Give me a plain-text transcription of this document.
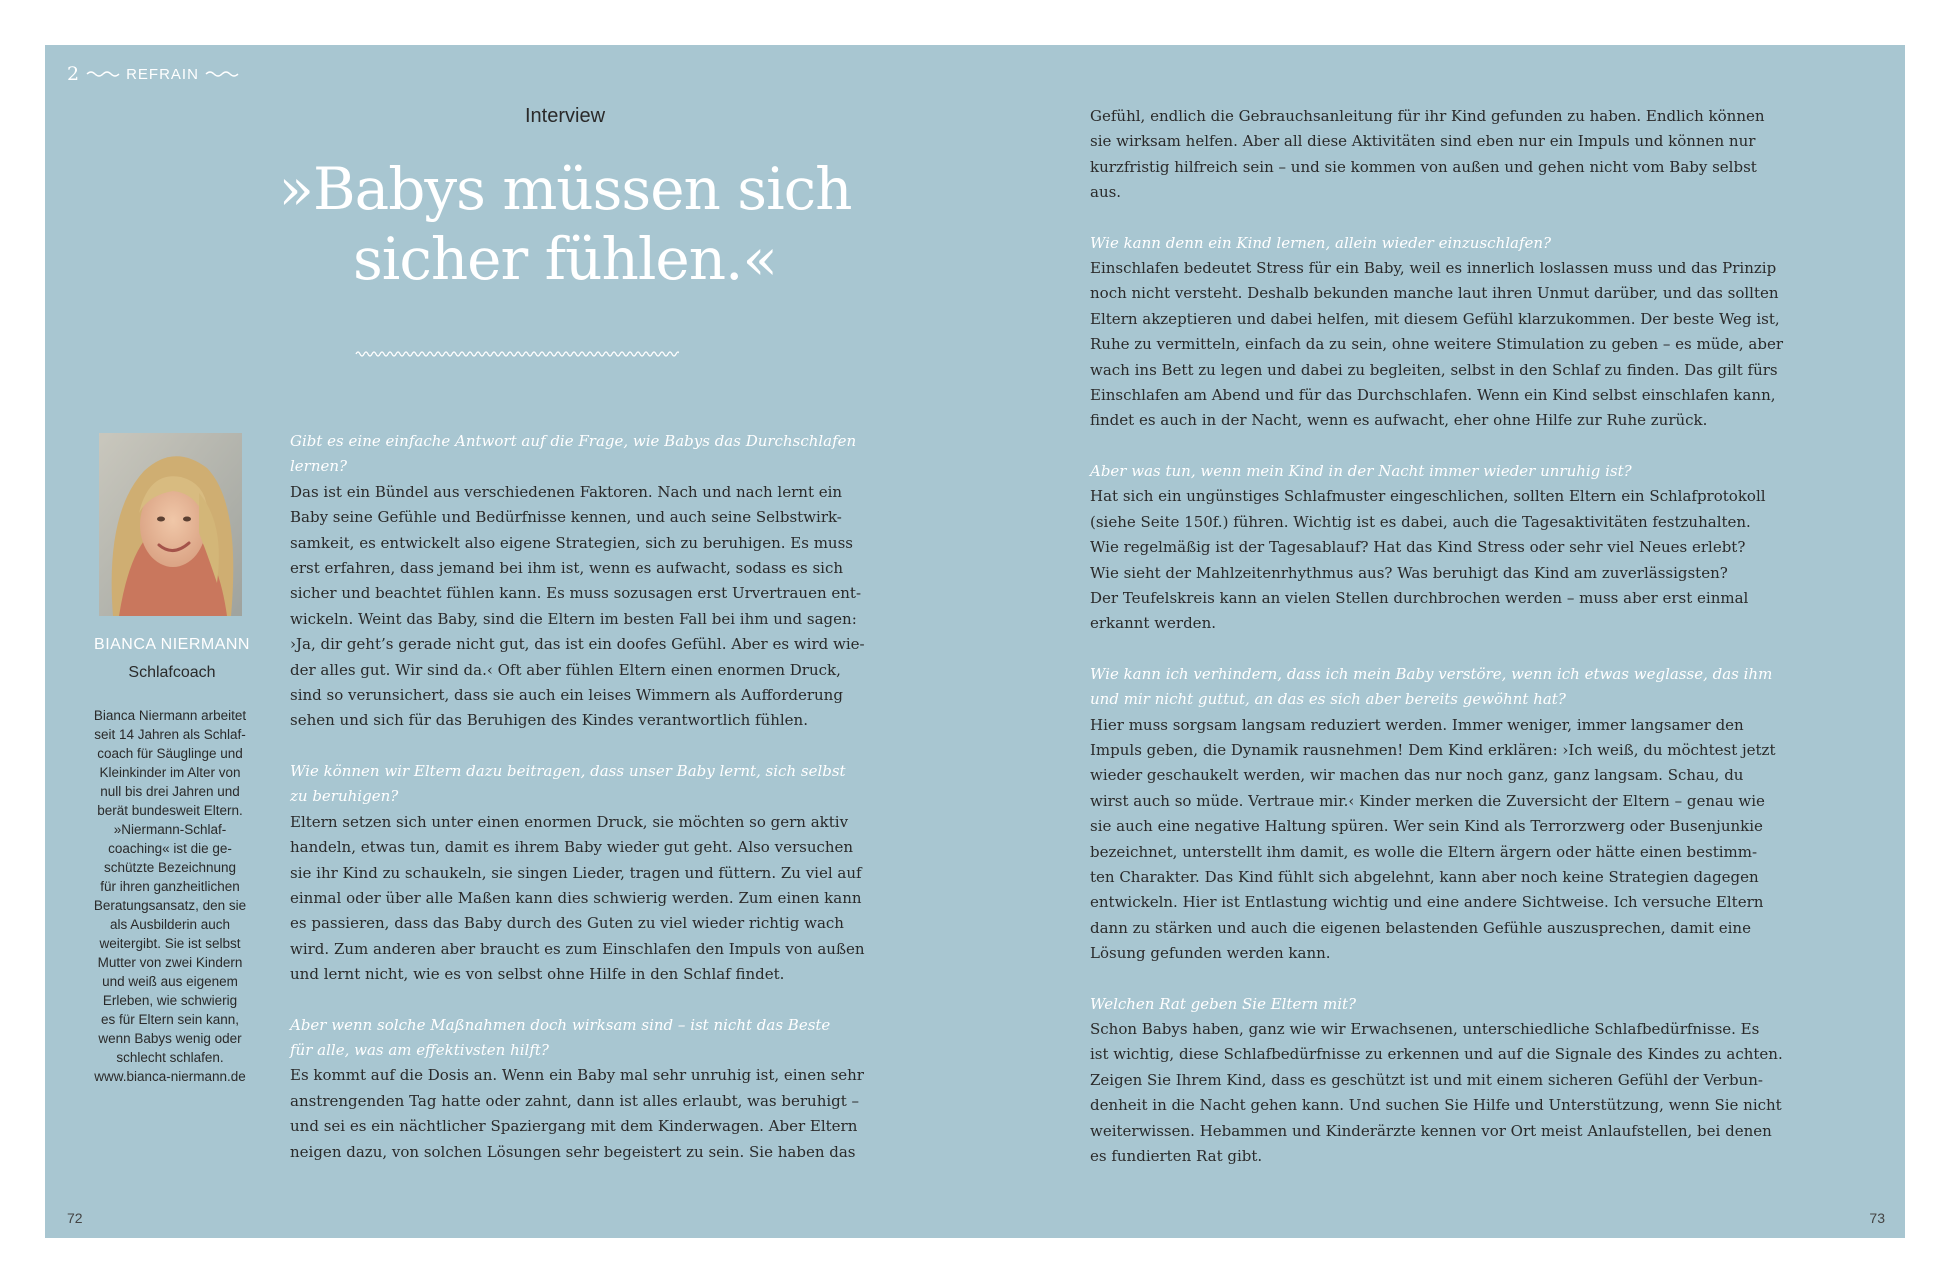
2	REFRAIN
Interview
»Babys müssen sich
sicher fühlen.«
BIANCA NIERMANN
Schlafcoach
Bianca Niermann arbeitet
seit 14 Jahren als Schlaf-
coach für Säuglinge und
Kleinkinder im Alter von
null bis drei Jahren und
berät bundesweit Eltern.
»Niermann-Schlaf-
coaching« ist die ge-
schützte Bezeichnung
für ihren ganzheitlichen
Beratungsansatz, den sie
als Ausbilderin auch
weitergibt. Sie ist selbst
Mutter von zwei Kindern
und weiß aus eigenem
Erleben, wie schwierig
es für Eltern sein kann,
wenn Babys wenig oder
schlecht schlafen.
www.bianca-niermann.de

Gibt es eine einfache Antwort auf die Frage, wie Babys das Durchschlafen

lernen?

Das ist ein Bündel aus verschiedenen Faktoren. Nach und nach lernt ein

Baby seine Gefühle und Bedürfnisse kennen, und auch seine Selbstwirk-

samkeit, es entwickelt also eigene Strategien, sich zu beruhigen. Es muss

erst erfahren, dass jemand bei ihm ist, wenn es aufwacht, sodass es sich

sicher und beachtet fühlen kann. Es muss sozusagen erst Urvertrauen ent-

wickeln. Weint das Baby, sind die Eltern im besten Fall bei ihm und sagen:

›Ja, dir geht’s gerade nicht gut, das ist ein doofes Gefühl. Aber es wird wie-

der alles gut. Wir sind da.‹ Oft aber fühlen Eltern einen enormen Druck,

sind so verunsichert, dass sie auch ein leises Wimmern als Aufforderung

sehen und sich für das Beruhigen des Kindes verantwortlich fühlen.

Wie können wir Eltern dazu beitragen, dass unser Baby lernt, sich selbst

zu beruhigen?

Eltern setzen sich unter einen enormen Druck, sie möchten so gern aktiv

handeln, etwas tun, damit es ihrem Baby wieder gut geht. Also versuchen

sie ihr Kind zu schaukeln, sie singen Lieder, tragen und füttern. Zu viel auf

einmal oder über alle Maßen kann dies schwierig werden. Zum einen kann

es passieren, dass das Baby durch des Guten zu viel wieder richtig wach

wird. Zum anderen aber braucht es zum Einschlafen den Impuls von außen

und lernt nicht, wie es von selbst ohne Hilfe in den Schlaf findet.

Aber wenn solche Maßnahmen doch wirksam sind – ist nicht das Beste

für alle, was am effektivsten hilft?

Es kommt auf die Dosis an. Wenn ein Baby mal sehr unruhig ist, einen sehr

anstrengenden Tag hatte oder zahnt, dann ist alles erlaubt, was beruhigt –

und sei es ein nächtlicher Spaziergang mit dem Kinderwagen. Aber Eltern

neigen dazu, von solchen Lösungen sehr begeistert zu sein. Sie haben das

Gefühl, endlich die Gebrauchsanleitung für ihr Kind gefunden zu haben. Endlich können

sie wirksam helfen. Aber all diese Aktivitäten sind eben nur ein Impuls und können nur

kurzfristig hilfreich sein – und sie kommen von außen und gehen nicht vom Baby selbst

aus.

Wie kann denn ein Kind lernen, allein wieder einzuschlafen?

Einschlafen bedeutet Stress für ein Baby, weil es innerlich loslassen muss und das Prinzip

noch nicht versteht. Deshalb bekunden manche laut ihren Unmut darüber, und das sollten

Eltern akzeptieren und dabei helfen, mit diesem Gefühl klarzukommen. Der beste Weg ist,

Ruhe zu vermitteln, einfach da zu sein, ohne weitere Stimulation zu geben – es müde, aber

wach ins Bett zu legen und dabei zu begleiten, selbst in den Schlaf zu finden. Das gilt fürs

Einschlafen am Abend und für das Durchschlafen. Wenn ein Kind selbst einschlafen kann,

findet es auch in der Nacht, wenn es aufwacht, eher ohne Hilfe zur Ruhe zurück.

Aber was tun, wenn mein Kind in der Nacht immer wieder unruhig ist?

Hat sich ein ungünstiges Schlafmuster eingeschlichen, sollten Eltern ein Schlafprotokoll

(siehe Seite 150f.) führen. Wichtig ist es dabei, auch die Tagesaktivitäten festzuhalten.

Wie regelmäßig ist der Tagesablauf? Hat das Kind Stress oder sehr viel Neues erlebt?

Wie sieht der Mahlzeitenrhythmus aus? Was beruhigt das Kind am zuverlässigsten?

Der Teufelskreis kann an vielen Stellen durchbrochen werden – muss aber erst einmal

erkannt werden.

Wie kann ich verhindern, dass ich mein Baby verstöre, wenn ich etwas weglasse, das ihm

und mir nicht guttut, an das es sich aber bereits gewöhnt hat?

Hier muss sorgsam langsam reduziert werden. Immer weniger, immer langsamer den

Impuls geben, die Dynamik rausnehmen! Dem Kind erklären: ›Ich weiß, du möchtest jetzt

wieder geschaukelt werden, wir machen das nur noch ganz, ganz langsam. Schau, du

wirst auch so müde. Vertraue mir.‹ Kinder merken die Zuversicht der Eltern – genau wie

sie auch eine negative Haltung spüren. Wer sein Kind als Terrorzwerg oder Busenjunkie

bezeichnet, unterstellt ihm damit, es wolle die Eltern ärgern oder hätte einen bestimm-

ten Charakter. Das Kind fühlt sich abgelehnt, kann aber noch keine Strategien dagegen

entwickeln. Hier ist Entlastung wichtig und eine andere Sichtweise. Ich versuche Eltern

dann zu stärken und auch die eigenen belastenden Gefühle auszusprechen, damit eine

Lösung gefunden werden kann.

Welchen Rat geben Sie Eltern mit?

Schon Babys haben, ganz wie wir Erwachsenen, unterschiedliche Schlafbedürfnisse. Es

ist wichtig, diese Schlafbedürfnisse zu erkennen und auf die Signale des Kindes zu achten.

Zeigen Sie Ihrem Kind, dass es geschützt ist und mit einem sicheren Gefühl der Verbun-

denheit in die Nacht gehen kann. Und suchen Sie Hilfe und Unterstützung, wenn Sie nicht

weiterwissen. Hebammen und Kinderärzte kennen vor Ort meist Anlaufstellen, bei denen

es fundierten Rat gibt.

72	73
